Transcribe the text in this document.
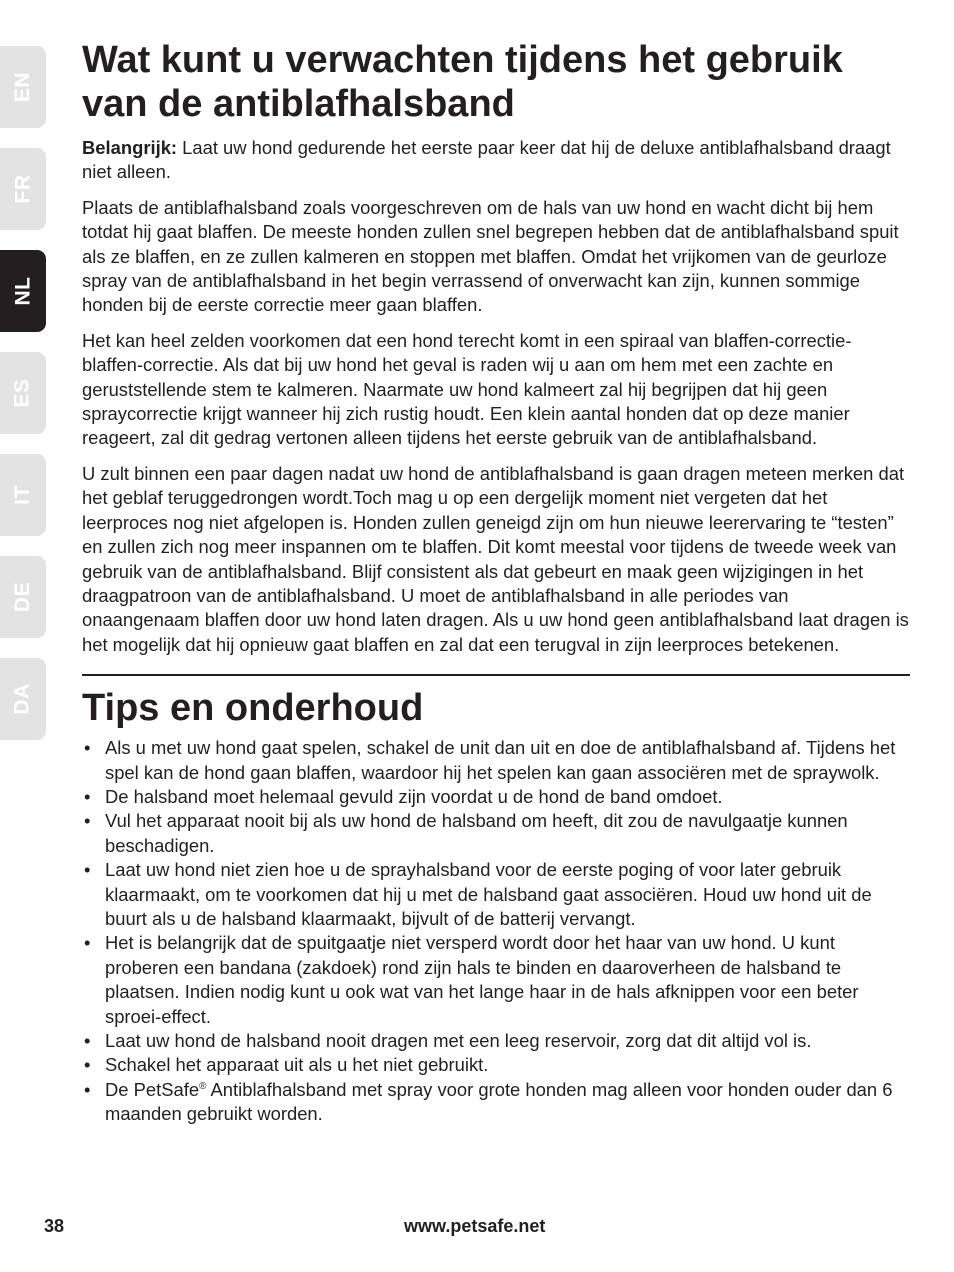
EN
FR
NL
ES
IT
DE
DA
Wat kunt u verwachten tijdens het gebruik
van de antiblafhalsband

Belangrijk: Laat uw hond gedurende het eerste paar keer dat hij de deluxe antiblafhalsband draagt niet alleen.

Plaats de antiblafhalsband zoals voorgeschreven om de hals van uw hond en wacht dicht bij hem totdat hij gaat blaffen. De meeste honden zullen snel begrepen hebben dat de antiblafhalsband spuit als ze blaffen, en ze zullen kalmeren en stoppen met blaffen. Omdat het vrijkomen van de geurloze spray van de antiblafhalsband in het begin verrassend of onverwacht kan zijn, kunnen sommige honden bij de eerste correctie meer gaan blaffen.

Het kan heel zelden voorkomen dat een hond terecht komt in een spiraal van blaffen-correctie-blaffen-correctie. Als dat bij uw hond het geval is raden wij u aan om hem met een zachte en geruststellende stem te kalmeren. Naarmate uw hond kalmeert zal hij begrijpen dat hij geen spraycorrectie krijgt wanneer hij zich rustig houdt. Een klein aantal honden dat op deze manier reageert, zal dit gedrag vertonen alleen tijdens het eerste gebruik van de antiblafhalsband.

U zult binnen een paar dagen nadat uw hond de antiblafhalsband is gaan dragen meteen merken dat het geblaf teruggedrongen wordt.Toch mag u op een dergelijk moment niet vergeten dat het leerproces nog niet afgelopen is. Honden zullen geneigd zijn om hun nieuwe leerervaring te “testen” en zullen zich nog meer inspannen om te blaffen. Dit komt meestal voor tijdens de tweede week van gebruik van de antiblafhalsband. Blijf consistent als dat gebeurt en maak geen wijzigingen in het draagpatroon van de antiblafhalsband. U moet de antiblafhalsband in alle periodes van onaangenaam blaffen door uw hond laten dragen. Als u uw hond geen antiblafhalsband laat dragen is het mogelijk dat hij opnieuw gaat blaffen en zal dat een terugval in zijn leerproces betekenen.

Tips en onderhoud
• Als u met uw hond gaat spelen, schakel de unit dan uit en doe de antiblafhalsband af. Tijdens het spel kan de hond gaan blaffen, waardoor hij het spelen kan gaan associëren met de spraywolk.
• De halsband moet helemaal gevuld zijn voordat u de hond de band omdoet.
• Vul het apparaat nooit bij als uw hond de halsband om heeft, dit zou de navulgaatje kunnen beschadigen.
• Laat uw hond niet zien hoe u de sprayhalsband voor de eerste poging of voor later gebruik klaarmaakt, om te voorkomen dat hij u met de halsband gaat associëren. Houd uw hond uit de buurt als u de halsband klaarmaakt, bijvult of de batterij vervangt.
• Het is belangrijk dat de spuitgaatje niet versperd wordt door het haar van uw hond. U kunt proberen een bandana (zakdoek) rond zijn hals te binden en daaroverheen de halsband te plaatsen. Indien nodig kunt u ook wat van het lange haar in de hals afknippen voor een beter sproei-effect.
• Laat uw hond de halsband nooit dragen met een leeg reservoir, zorg dat dit altijd vol is.
• Schakel het apparaat uit als u het niet gebruikt.
• De PetSafe® Antiblafhalsband met spray voor grote honden mag alleen voor honden ouder dan 6 maanden gebruikt worden.
38	www.petsafe.net
